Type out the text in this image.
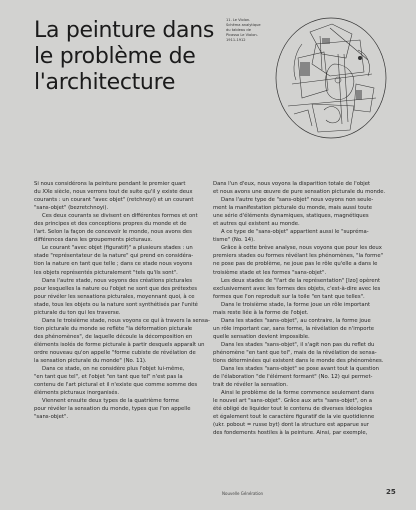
La peinture dans
le problème de
l'architecture
11. Le Violon.
Schéma analytique
du tableau de
Picasso Le Violon.
1911-1912
Si nous considérons la peinture pendant le premier quart
du XXe siècle, nous verrons tout de suite qu'il y existe deux
courants : un courant "avec objet" (retchnoyi) et un courant
"sans-objet" (bezretchnoyi).
Ces deux courants se divisent en différentes formes et ont
des principes et des conceptions propres du monde et de
l'art. Selon la façon de concevoir le monde, nous avons des
différences dans les groupements picturaux.
Le courant "avec objet (figuratif)" a plusieurs stades : un
stade "représentateur de la nature" qui prend en considéra-
tion la nature en tant que telle ; dans ce stade nous voyons
les objets représentés picturalement "tels qu'ils sont".
Dans l'autre stade, nous voyons des créations picturales
pour lesquelles la nature ou l'objet ne sont que des prétextes
pour révéler les sensations picturales, moyennant quoi, à ce
stade, tous les objets ou la nature sont synthétisés par l'unité
picturale du ton qui les traverse.
Dans le troisième stade, nous voyons ce qui à travers la sensa-
tion picturale du monde se reflète "la déformation picturale
des phénomènes", de laquelle découle la décomposition en
éléments isolés de forme picturale à partir desquels apparaît un
ordre nouveau qu'on appelle "forme cubiste de révélation de
la sensation picturale du monde" (No. 11).
Dans ce stade, on ne considère plus l'objet lui-même,
"en tant que tel", et l'objet "en tant que tel" n'est pas la
contenu de l'art pictural et il n'existe que comme somme des
éléments picturaux inorganisés.
Viennent ensuite deux types de la quatrième forme
pour révéler la sensation du monde, types que l'on appelle
"sans-objet".
Dans l'un d'eux, nous voyons la disparition totale de l'objet
et nous avons une œuvre de pure sensation picturale du monde.
Dans l'autre type de "sans-objet" nous voyons non seule-
ment la manifestation picturale du monde, mais aussi toute
une série d'éléments dynamiques, statiques, magnétiques
et autres qui existent au monde.
A ce type de "sans-objet" appartient aussi le "supréma-
tisme" (No. 14).
Grâce à cette brève analyse, nous voyons que pour les deux
premiers stades ou formes révélant les phénomènes, "la forme"
ne pose pas de problème, ne joue pas le rôle qu'elle a dans le
troisième stade et les formes "sans-objet".
Les deux stades de "l'art de la représentation" [Izo] opèrent
exclusivement avec les formes des objets, c'est-à-dire avec les
formes que l'on reproduit sur la toile "en tant que telles".
Dans le troisième stade, la forme joue un rôle important
mais reste liée à la forme de l'objet.
Dans les stades "sans-objet", au contraire, la forme joue
un rôle important car, sans forme, la révélation de n'importe
quelle sensation devient impossible.
Dans les stades "sans-objet", il s'agit non pas du reflet du
phénomène "en tant que tel", mais de la révélation de sensa-
tions déterminées qui existent dans le monde des phénomènes.
Dans les stades "sans-objet" se pose avant tout la question
de l'élaboration "de l'élément formant" (No. 12) qui permet-
trait de révéler la sensation.
Ainsi le problème de la forme commence seulement dans
le nouvel art "sans-objet". Grâce aux arts "sans-objet", on a
été obligé de liquider tout le contenu de diverses idéologies
et également tout le caractère figuratif de la vie quotidienne
(ukr. pobout = russe byt) dont la structure est apparue sur
des fondements hostiles à la peinture. Ainsi, par exemple,
Nouvelle Génération	25
